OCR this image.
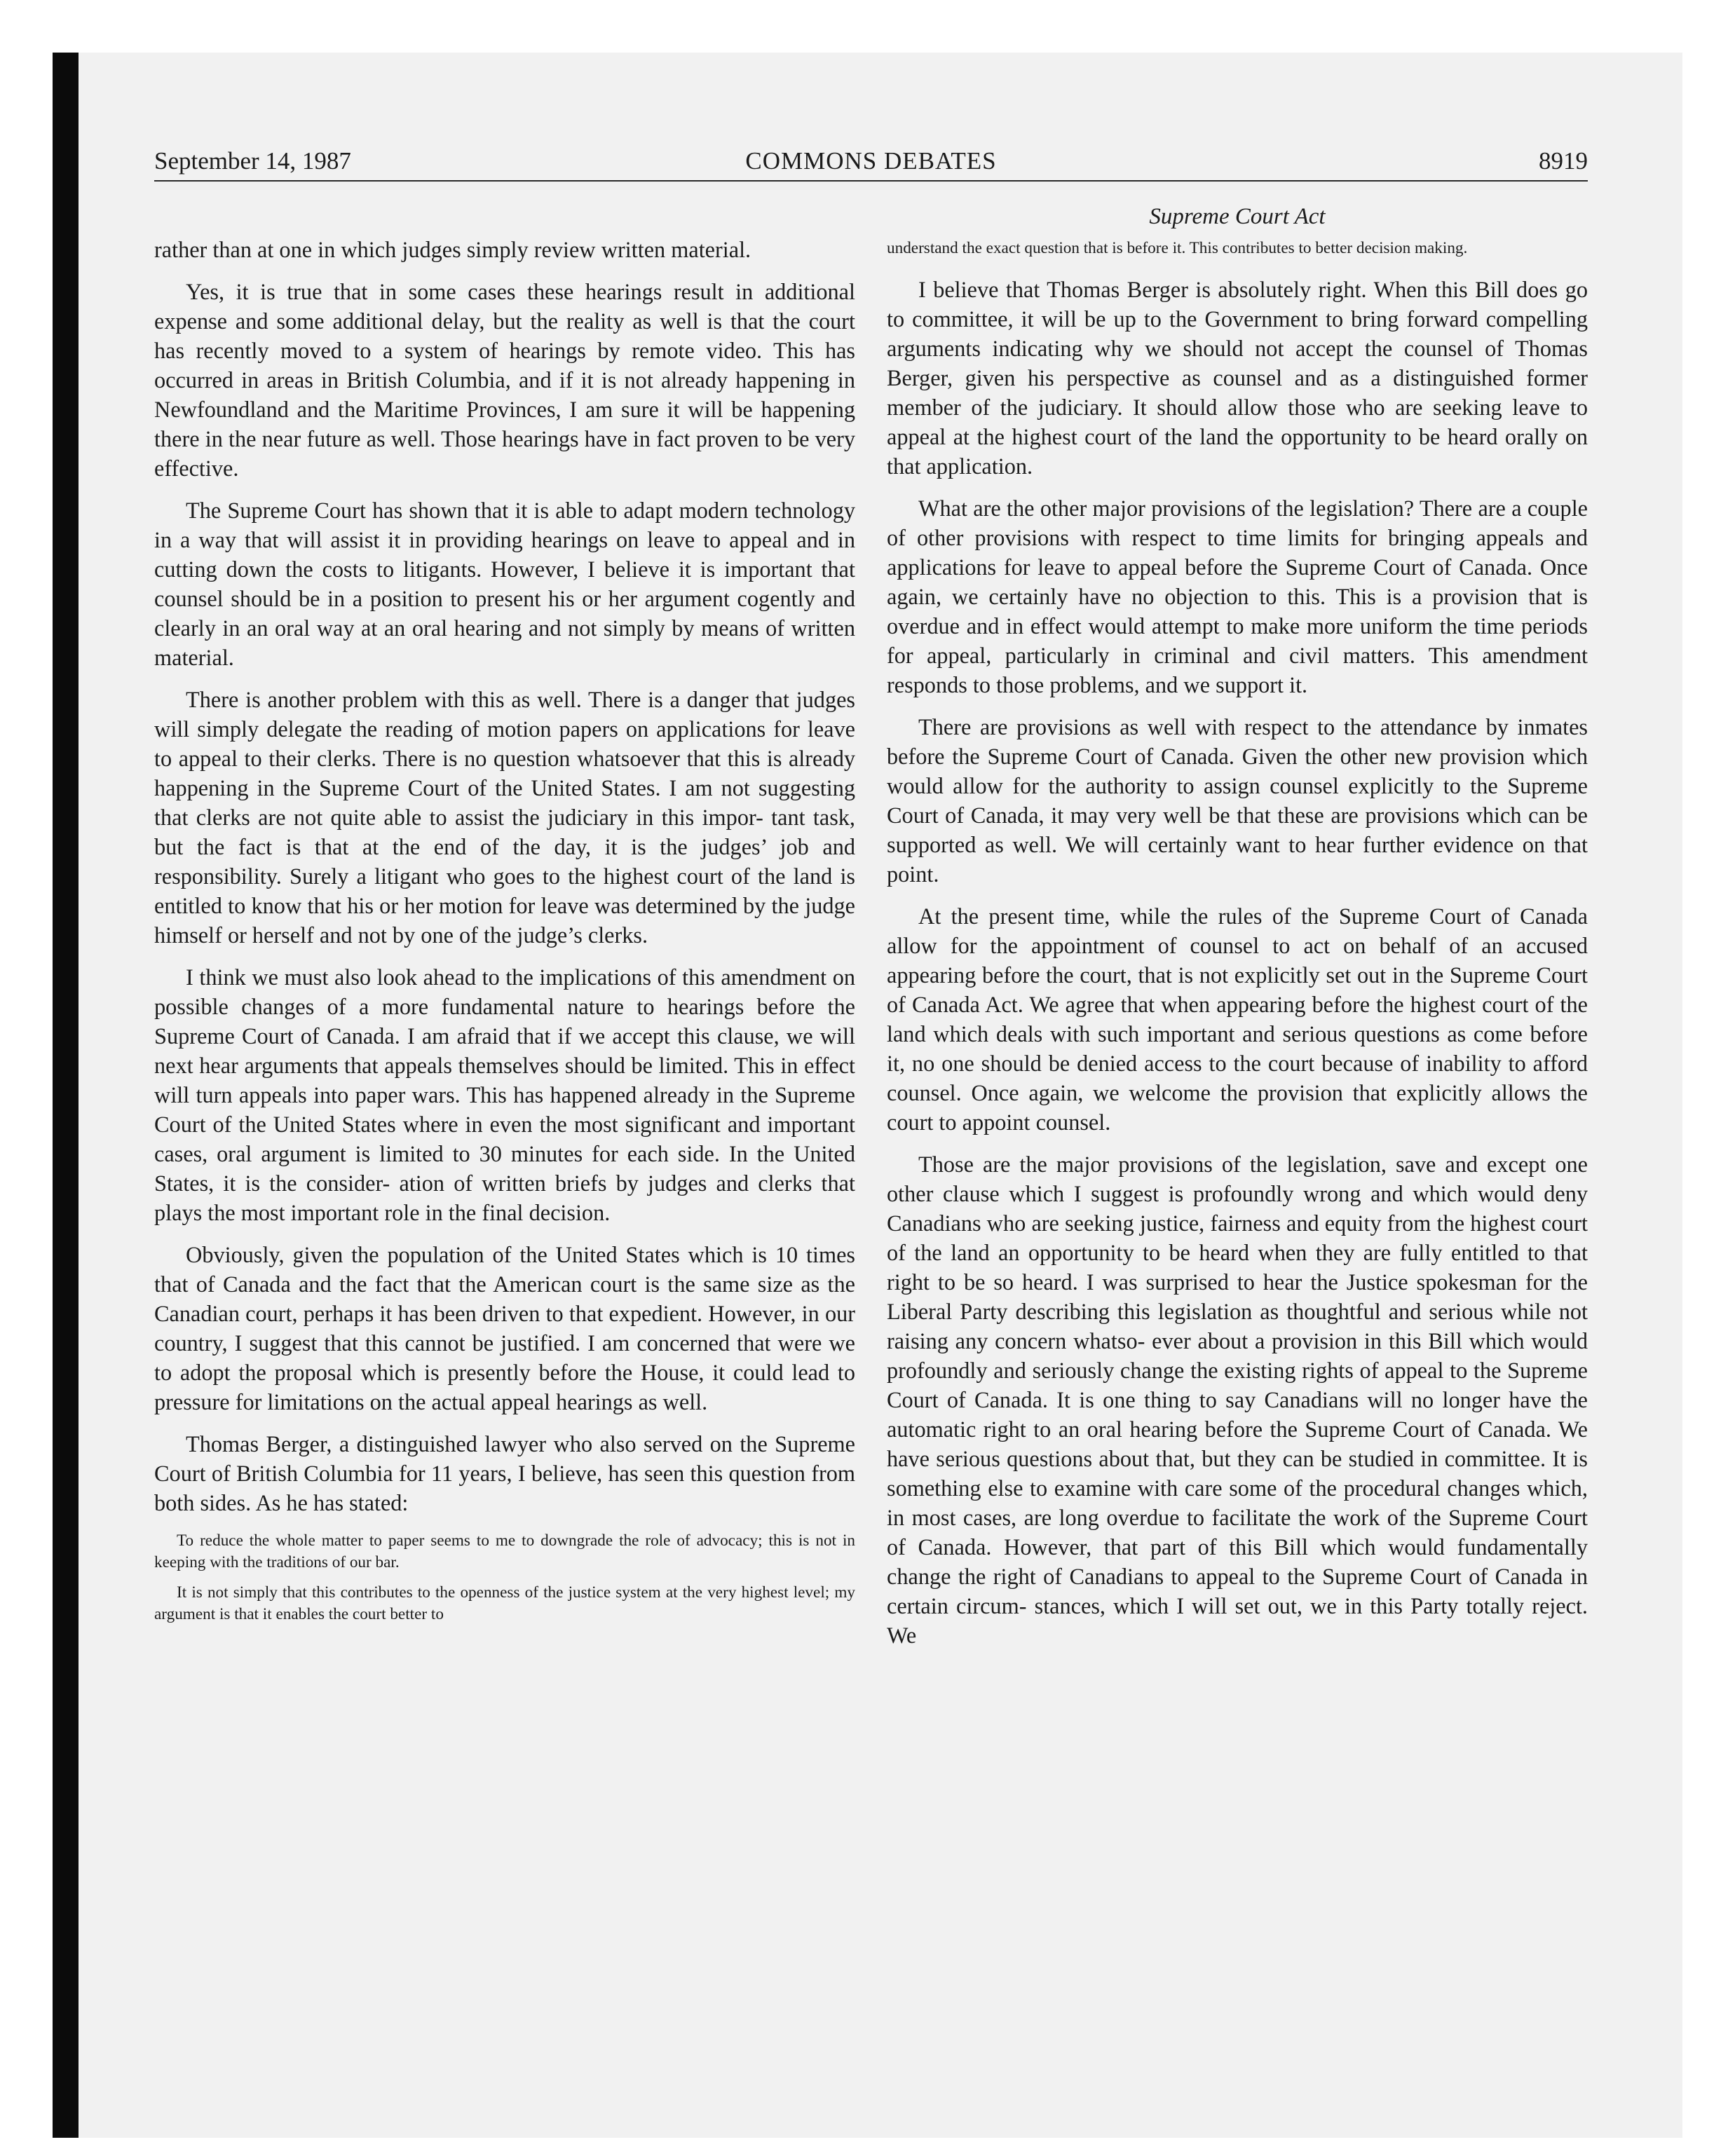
September 14, 1987	COMMONS DEBATES	8919

rather than at one in which judges simply review written material.

Yes, it is true that in some cases these hearings result in additional expense and some additional delay, but the reality as well is that the court has recently moved to a system of hearings by remote video. This has occurred in areas in British Columbia, and if it is not already happening in Newfoundland and the Maritime Provinces, I am sure it will be happening there in the near future as well. Those hearings have in fact proven to be very effective.

The Supreme Court has shown that it is able to adapt modern technology in a way that will assist it in providing hearings on leave to appeal and in cutting down the costs to litigants. However, I believe it is important that counsel should be in a position to present his or her argument cogently and clearly in an oral way at an oral hearing and not simply by means of written material.

There is another problem with this as well. There is a danger that judges will simply delegate the reading of motion papers on applications for leave to appeal to their clerks. There is no question whatsoever that this is already happening in the Supreme Court of the United States. I am not suggesting that clerks are not quite able to assist the judiciary in this impor- tant task, but the fact is that at the end of the day, it is the judges’ job and responsibility. Surely a litigant who goes to the highest court of the land is entitled to know that his or her motion for leave was determined by the judge himself or herself and not by one of the judge’s clerks.

I think we must also look ahead to the implications of this amendment on possible changes of a more fundamental nature to hearings before the Supreme Court of Canada. I am afraid that if we accept this clause, we will next hear arguments that appeals themselves should be limited. This in effect will turn appeals into paper wars. This has happened already in the Supreme Court of the United States where in even the most significant and important cases, oral argument is limited to 30 minutes for each side. In the United States, it is the consider- ation of written briefs by judges and clerks that plays the most important role in the final decision.

Obviously, given the population of the United States which is 10 times that of Canada and the fact that the American court is the same size as the Canadian court, perhaps it has been driven to that expedient. However, in our country, I suggest that this cannot be justified. I am concerned that were we to adopt the proposal which is presently before the House, it could lead to pressure for limitations on the actual appeal hearings as well.

Thomas Berger, a distinguished lawyer who also served on the Supreme Court of British Columbia for 11 years, I believe, has seen this question from both sides. As he has stated:

To reduce the whole matter to paper seems to me to downgrade the role of advocacy; this is not in keeping with the traditions of our bar.
It is not simply that this contributes to the openness of the justice system at the very highest level; my argument is that it enables the court better to
Supreme Court Act
understand the exact question that is before it. This contributes to better decision making.

I believe that Thomas Berger is absolutely right. When this Bill does go to committee, it will be up to the Government to bring forward compelling arguments indicating why we should not accept the counsel of Thomas Berger, given his perspective as counsel and as a distinguished former member of the judiciary. It should allow those who are seeking leave to appeal at the highest court of the land the opportunity to be heard orally on that application.

What are the other major provisions of the legislation? There are a couple of other provisions with respect to time limits for bringing appeals and applications for leave to appeal before the Supreme Court of Canada. Once again, we certainly have no objection to this. This is a provision that is overdue and in effect would attempt to make more uniform the time periods for appeal, particularly in criminal and civil matters. This amendment responds to those problems, and we support it.

There are provisions as well with respect to the attendance by inmates before the Supreme Court of Canada. Given the other new provision which would allow for the authority to assign counsel explicitly to the Supreme Court of Canada, it may very well be that these are provisions which can be supported as well. We will certainly want to hear further evidence on that point.

At the present time, while the rules of the Supreme Court of Canada allow for the appointment of counsel to act on behalf of an accused appearing before the court, that is not explicitly set out in the Supreme Court of Canada Act. We agree that when appearing before the highest court of the land which deals with such important and serious questions as come before it, no one should be denied access to the court because of inability to afford counsel. Once again, we welcome the provision that explicitly allows the court to appoint counsel.

Those are the major provisions of the legislation, save and except one other clause which I suggest is profoundly wrong and which would deny Canadians who are seeking justice, fairness and equity from the highest court of the land an opportunity to be heard when they are fully entitled to that right to be so heard. I was surprised to hear the Justice spokesman for the Liberal Party describing this legislation as thoughtful and serious while not raising any concern whatso- ever about a provision in this Bill which would profoundly and seriously change the existing rights of appeal to the Supreme Court of Canada. It is one thing to say Canadians will no longer have the automatic right to an oral hearing before the Supreme Court of Canada. We have serious questions about that, but they can be studied in committee. It is something else to examine with care some of the procedural changes which, in most cases, are long overdue to facilitate the work of the Supreme Court of Canada. However, that part of this Bill which would fundamentally change the right of Canadians to appeal to the Supreme Court of Canada in certain circum- stances, which I will set out, we in this Party totally reject. We
